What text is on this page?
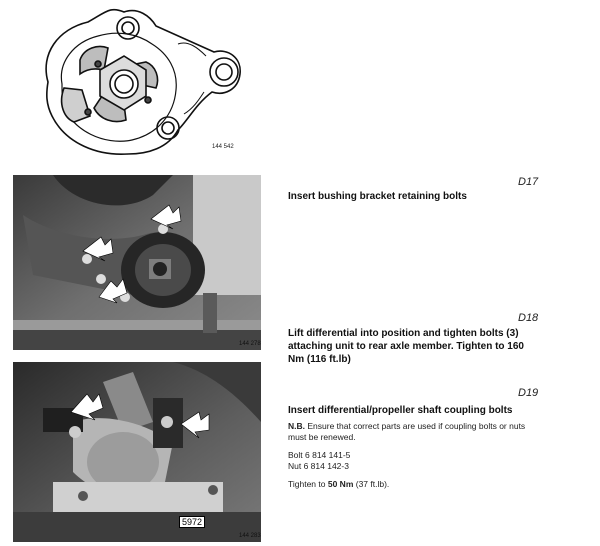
144 542
144 278
5972
144 283
D17
Insert bushing bracket retaining bolts
D18
Lift differential into position and tighten bolts (3) attaching unit to rear axle member. Tighten to 160 Nm (116 ft.lb)
D19
Insert differential/propeller shaft coupling bolts
N.B. Ensure that correct parts are used if coupling bolts or nuts must be renewed.
Bolt 6 814 141-5
Nut 6 814 142-3
Tighten to 50 Nm (37 ft.lb).
